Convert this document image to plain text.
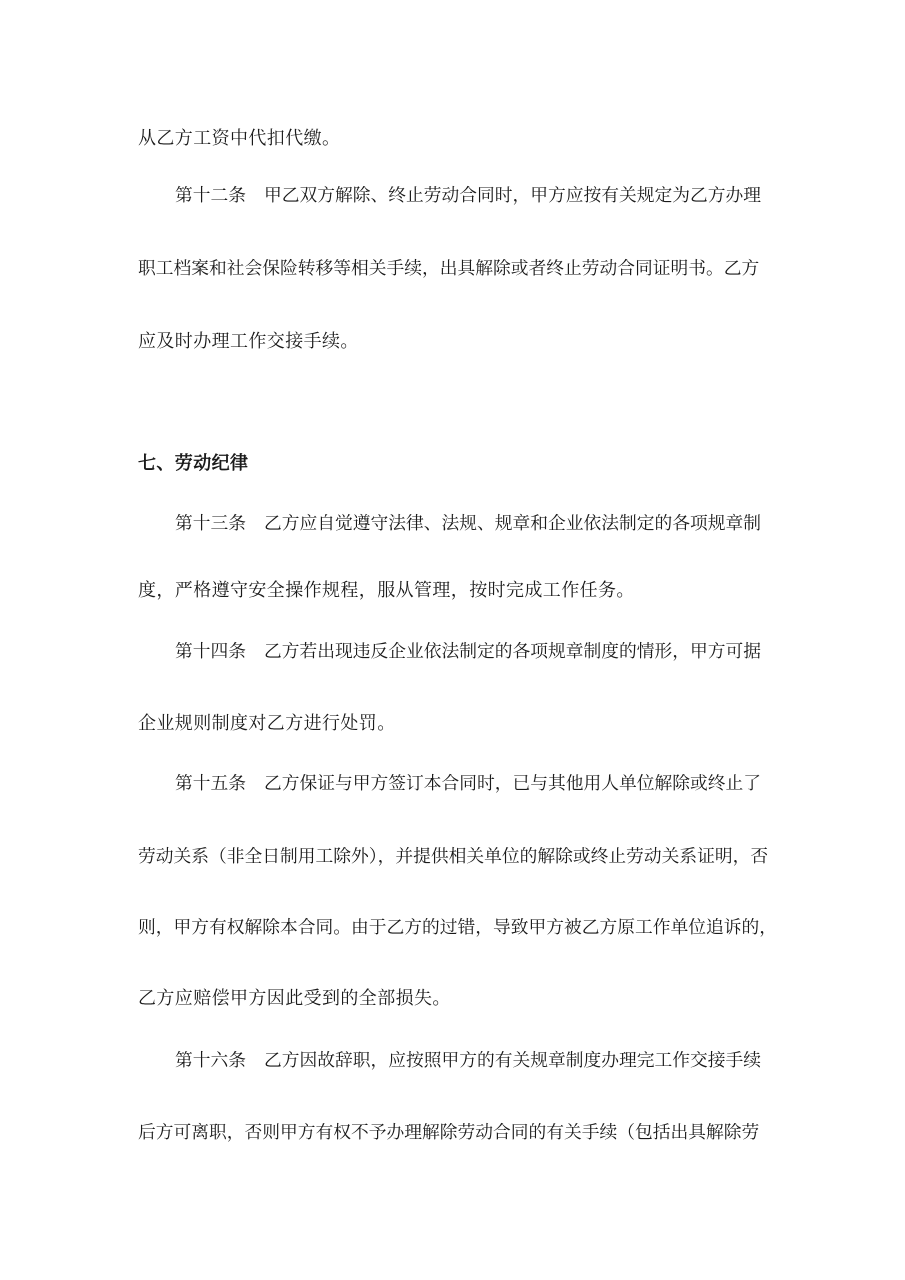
从乙方工资中代扣代缴。
第十二条 甲乙双方解除、终止劳动合同时，甲方应按有关规定为乙方办理
职工档案和社会保险转移等相关手续，出具解除或者终止劳动合同证明书。乙方
应及时办理工作交接手续。
七、劳动纪律
第十三条 乙方应自觉遵守法律、法规、规章和企业依法制定的各项规章制
度，严格遵守安全操作规程，服从管理，按时完成工作任务。
第十四条 乙方若出现违反企业依法制定的各项规章制度的情形，甲方可据
企业规则制度对乙方进行处罚。
第十五条 乙方保证与甲方签订本合同时，已与其他用人单位解除或终止了
劳动关系（非全日制用工除外），并提供相关单位的解除或终止劳动关系证明，否
则，甲方有权解除本合同。由于乙方的过错，导致甲方被乙方原工作单位追诉的，
乙方应赔偿甲方因此受到的全部损失。
第十六条 乙方因故辞职，应按照甲方的有关规章制度办理完工作交接手续
后方可离职，否则甲方有权不予办理解除劳动合同的有关手续（包括出具解除劳
